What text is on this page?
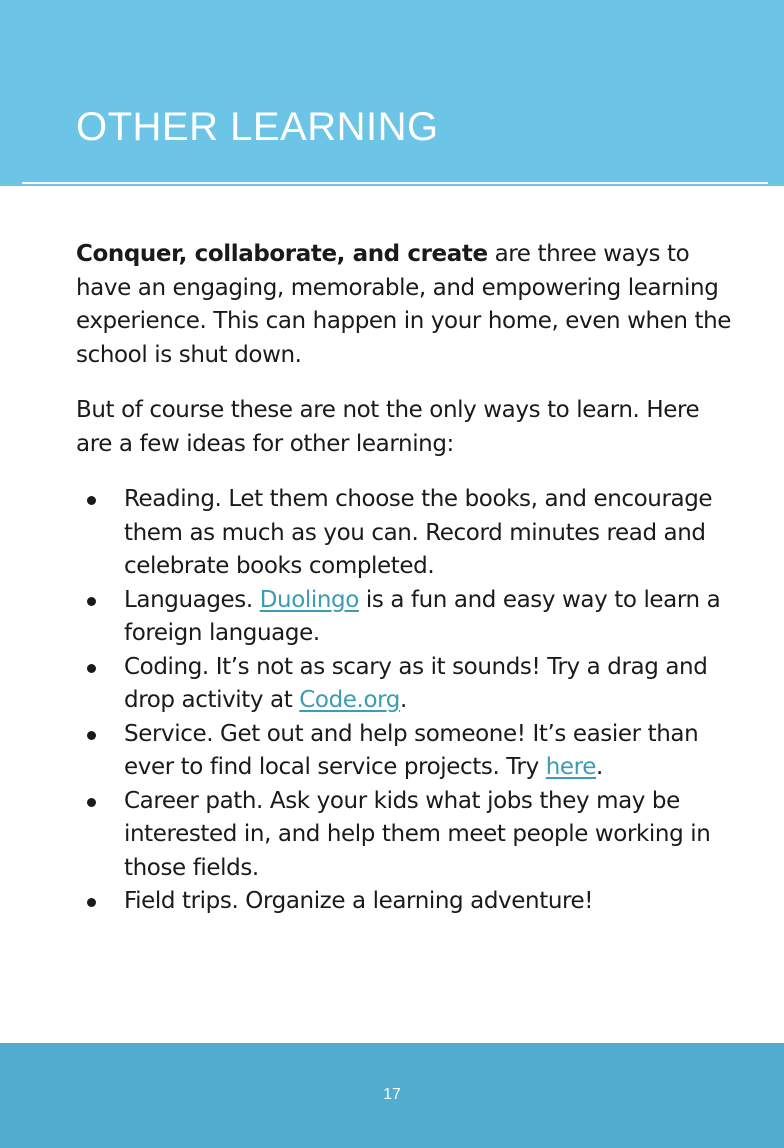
OTHER LEARNING

Conquer, collaborate, and create are three ways to have an engaging, memorable, and empowering learning experience. This can happen in your home, even when the school is shut down.

But of course these are not the only ways to learn. Here are a few ideas for other learning:

Reading. Let them choose the books, and encourage them as much as you can. Record minutes read and celebrate books completed.
Languages. Duolingo is a fun and easy way to learn a foreign language.
Coding. It’s not as scary as it sounds! Try a drag and drop activity at Code.org.
Service. Get out and help someone! It’s easier than ever to find local service projects. Try here.
Career path. Ask your kids what jobs they may be interested in, and help them meet people working in those fields.
Field trips. Organize a learning adventure!
17
